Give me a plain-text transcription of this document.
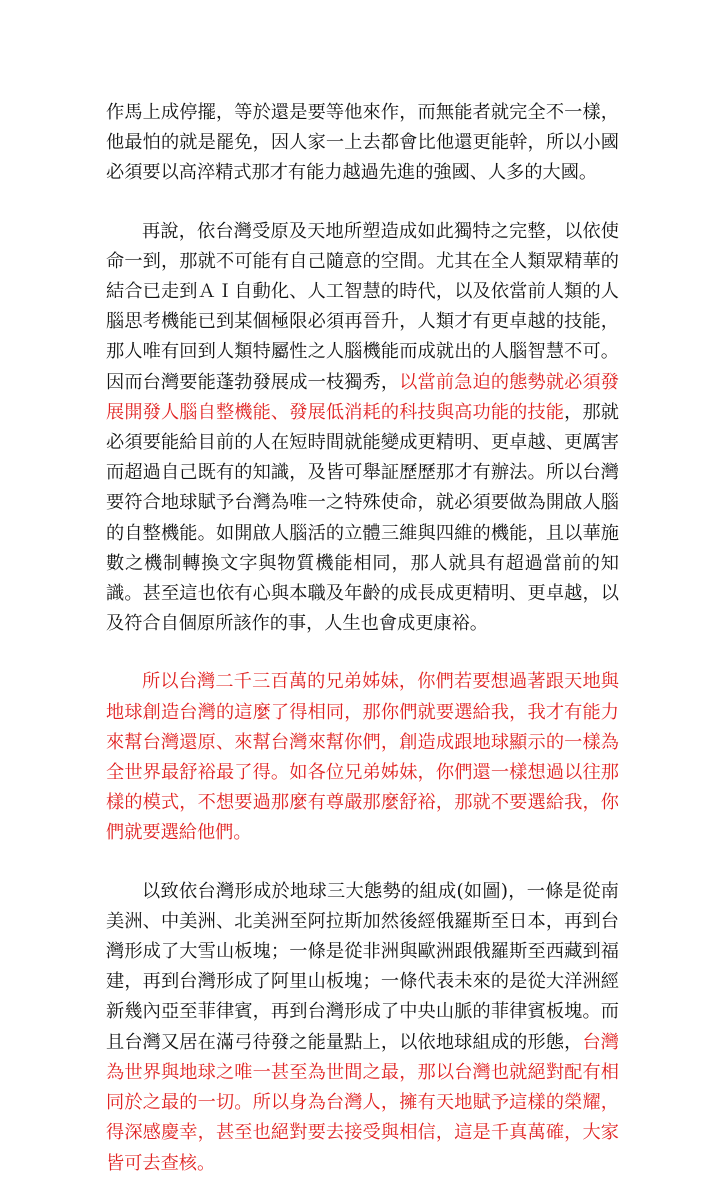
作馬上成停擺，等於還是要等他來作，而無能者就完全不一樣，他最怕的就是罷免，因人家一上去都會比他還更能幹，所以小國必須要以高淬精式那才有能力越過先進的強國、人多的大國。

再說，依台灣受原及天地所塑造成如此獨特之完整，以依使命一到，那就不可能有自己隨意的空間。尤其在全人類眾精華的結合已走到ＡＩ自動化、人工智慧的時代，以及依當前人類的人腦思考機能已到某個極限必須再晉升，人類才有更卓越的技能，那人唯有回到人類特屬性之人腦機能而成就出的人腦智慧不可。因而台灣要能蓬勃發展成一枝獨秀，以當前急迫的態勢就必須發展開發人腦自整機能、發展低消耗的科技與高功能的技能，那就必須要能給目前的人在短時間就能變成更精明、更卓越、更厲害而超過自己既有的知識，及皆可舉証歷歷那才有辦法。所以台灣要符合地球賦予台灣為唯一之特殊使命，就必須要做為開啟人腦的自整機能。如開啟人腦活的立體三維與四維的機能，且以華施數之機制轉換文字與物質機能相同，那人就具有超過當前的知識。甚至這也依有心與本職及年齡的成長成更精明、更卓越，以及符合自個原所該作的事，人生也會成更康裕。

所以台灣二千三百萬的兄弟姊妹，你們若要想過著跟天地與地球創造台灣的這麼了得相同，那你們就要選給我，我才有能力來幫台灣還原、來幫台灣來幫你們，創造成跟地球顯示的一樣為全世界最舒裕最了得。如各位兄弟姊妹，你們還一樣想過以往那樣的模式，不想要過那麼有尊嚴那麼舒裕，那就不要選給我，你們就要選給他們。

以致依台灣形成於地球三大態勢的組成(如圖)，一條是從南美洲、中美洲、北美洲至阿拉斯加然後經俄羅斯至日本，再到台灣形成了大雪山板塊；一條是從非洲與歐洲跟俄羅斯至西藏到福建，再到台灣形成了阿里山板塊；一條代表未來的是從大洋洲經新幾內亞至菲律賓，再到台灣形成了中央山脈的菲律賓板塊。而且台灣又居在滿弓待發之能量點上，以依地球組成的形態，台灣為世界與地球之唯一甚至為世間之最，那以台灣也就絕對配有相同於之最的一切。所以身為台灣人，擁有天地賦予這樣的榮耀，得深感慶幸，甚至也絕對要去接受與相信，這是千真萬確，大家皆可去查核。
